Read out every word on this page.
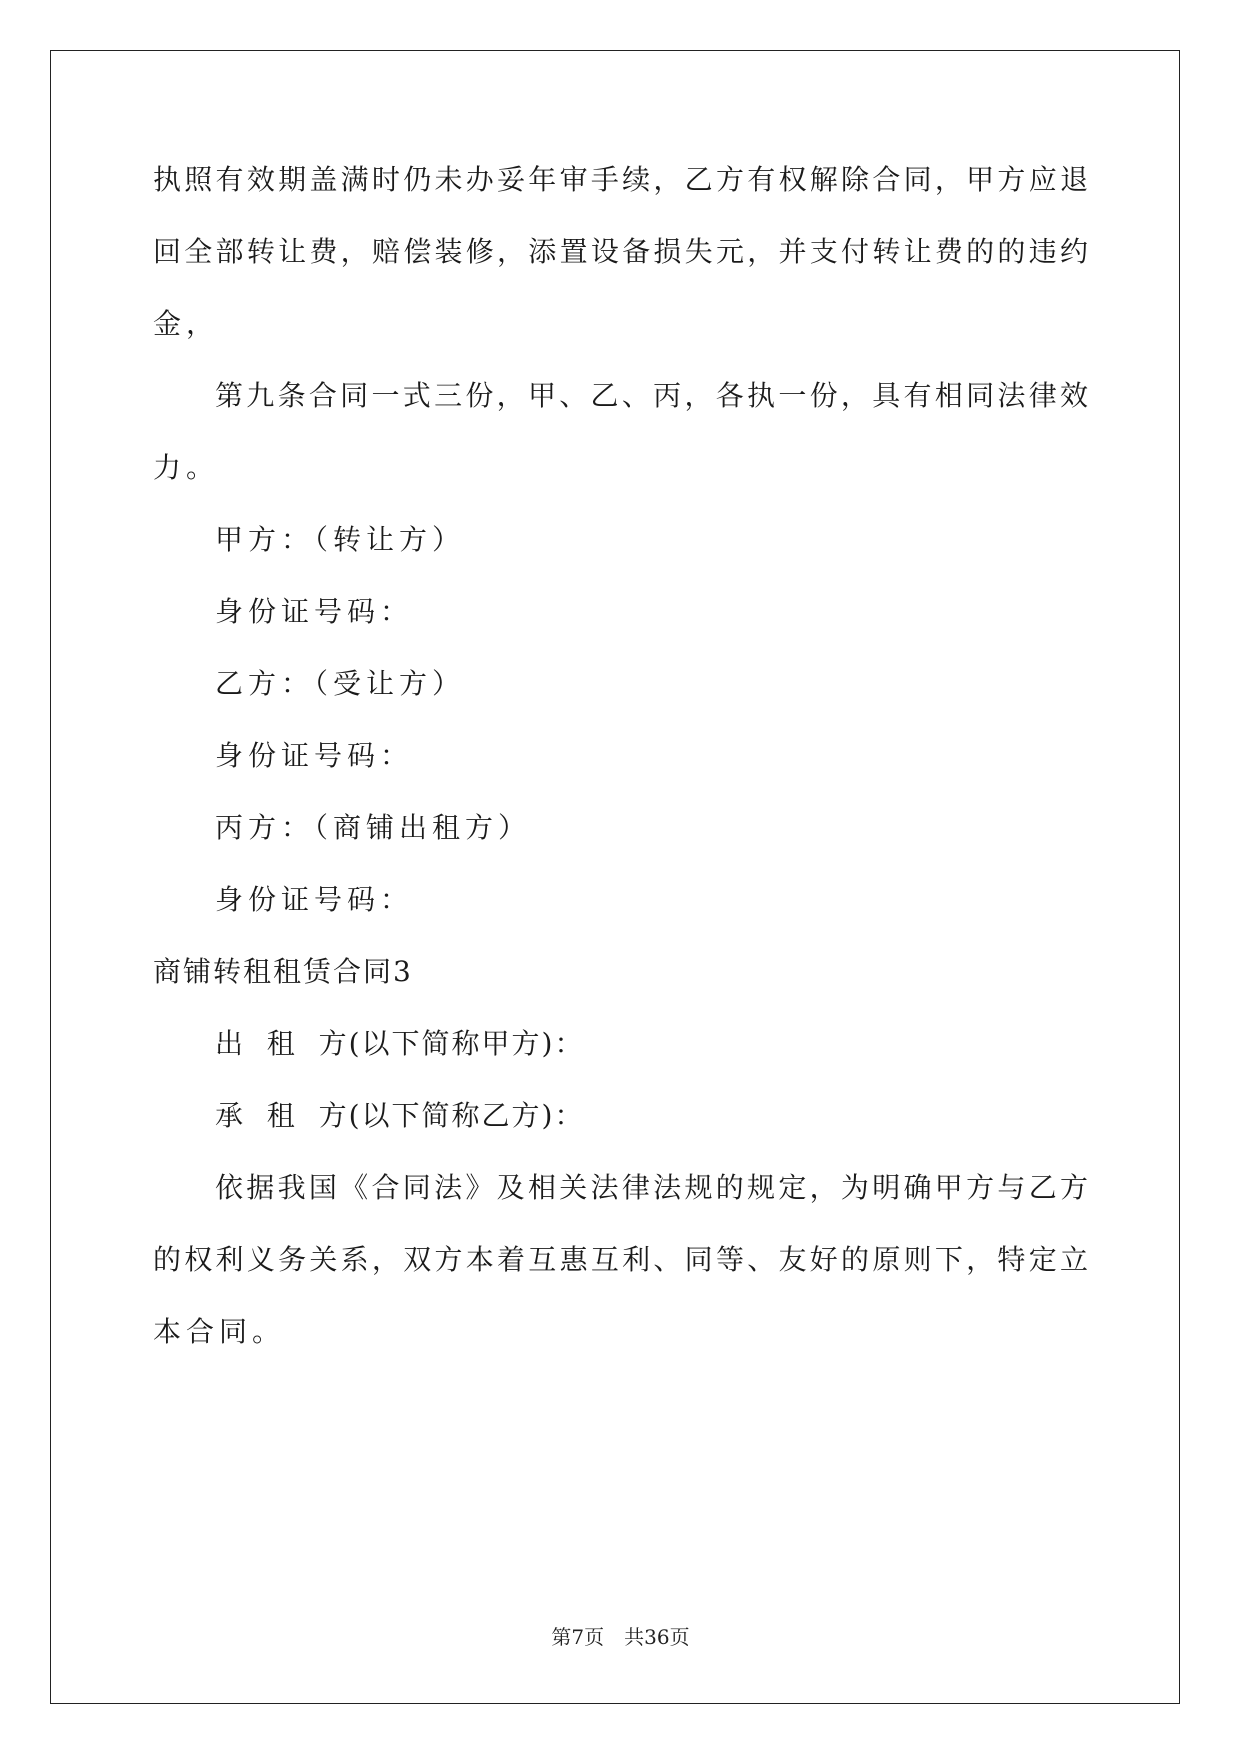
执照有效期盖满时仍未办妥年审手续，乙方有权解除合同，甲方应退
回全部转让费，赔偿装修，添置设备损失元，并支付转让费的的违约
金，
第九条合同一式三份，甲、乙、丙，各执一份，具有相同法律效
力。
甲方：（转让方）
身份证号码：
乙方：（受让方）
身份证号码：
丙方：（商铺出租方）
身份证号码：
商铺转租租赁合同3
出  租  方(以下简称甲方)：
承  租  方(以下简称乙方)：
依据我国《合同法》及相关法律法规的规定，为明确甲方与乙方
的权利义务关系，双方本着互惠互利、同等、友好的原则下，特定立
本合同。
第7页　共36页
